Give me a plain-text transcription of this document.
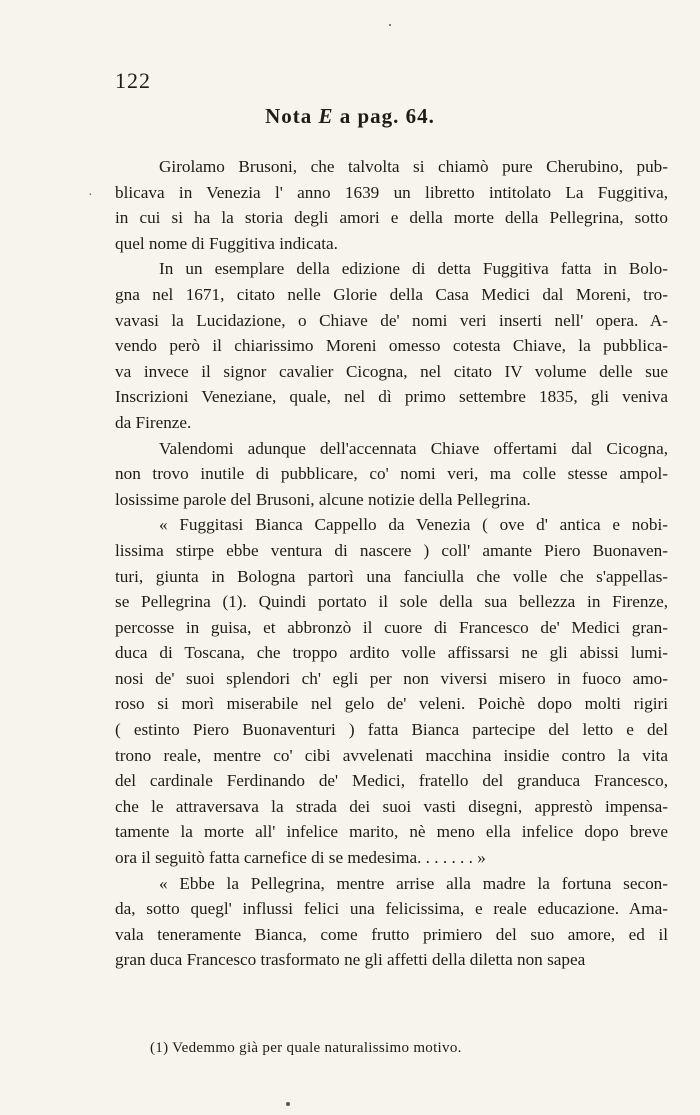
122
Nota E a pag. 64.
·

Girolamo Brusoni, che talvolta si chiamò pure Cherubino, pub-
blicava in Venezia l' anno 1639 un libretto intitolato La Fuggitiva,
in cui si ha la storia degli amori e della morte della Pellegrina, sotto
quel nome di Fuggitiva indicata.

In un esemplare della edizione di detta Fuggitiva fatta in Bolo-
gna nel 1671, citato nelle Glorie della Casa Medici dal Moreni, tro-
vavasi la Lucidazione, o Chiave de' nomi veri inserti nell' opera. A-
vendo però il chiarissimo Moreni omesso cotesta Chiave, la pubblica-
va invece il signor cavalier Cicogna, nel citato IV volume delle sue
Inscrizioni Veneziane, quale, nel dì primo settembre 1835, gli veniva
da Firenze.

Valendomi adunque dell'accennata Chiave offertami dal Cicogna,
non trovo inutile di pubblicare, co' nomi veri, ma colle stesse ampol-
losissime parole del Brusoni, alcune notizie della Pellegrina.

« Fuggitasi Bianca Cappello da Venezia ( ove d' antica e nobi-
lissima stirpe ebbe ventura di nascere ) coll' amante Piero Buonaven-
turi, giunta in Bologna partorì una fanciulla che volle che s'appellas-
se Pellegrina (1). Quindi portato il sole della sua bellezza in Firenze,
percosse in guisa, et abbronzò il cuore di Francesco de' Medici gran-
duca di Toscana, che troppo ardito volle affissarsi ne gli abissi lumi-
nosi de' suoi splendori ch' egli per non viversi misero in fuoco amo-
roso si morì miserabile nel gelo de' veleni. Poichè dopo molti rigiri
( estinto Piero Buonaventuri ) fatta Bianca partecipe del letto e del
trono reale, mentre co' cibi avvelenati macchina insidie contro la vita
del cardinale Ferdinando de' Medici, fratello del granduca Francesco,
che le attraversava la strada dei suoi vasti disegni, apprestò impensa-
tamente la morte all' infelice marito, nè meno ella infelice dopo breve
ora il seguitò fatta carnefice di se medesima. . . . . . . »

« Ebbe la Pellegrina, mentre arrise alla madre la fortuna secon-
da, sotto quegl' influssi felici una felicissima, e reale educazione. Ama-
vala teneramente Bianca, come frutto primiero del suo amore, ed il
gran duca Francesco trasformato ne gli affetti della diletta non sapea

(1) Vedemmo già per quale naturalissimo motivo.
